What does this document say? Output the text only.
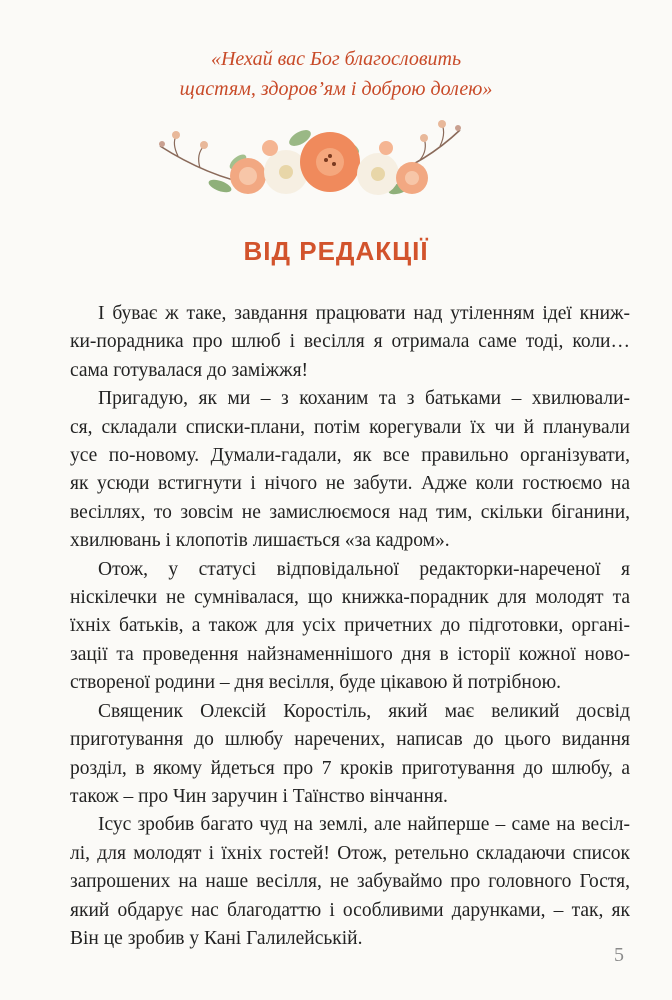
«Нехай вас Бог благословить
щастям, здоров’ям і доброю долею»
ВІД РЕДАКЦІЇ

І буває ж таке, завдання працювати над утіленням ідеї книж-
ки-порадника про шлюб і весілля я отримала саме тоді, коли…
сама готувалася до заміжжя!

Пригадую, як ми – з коханим та з батьками – хвилювали-
ся, складали списки-плани, потім корегували їх чи й планували
усе по-новому. Думали-гадали, як все правильно організувати,
як усюди встигнути і нічого не забути. Адже коли гостюємо на
весіллях, то зовсім не замислюємося над тим, скільки біганини,
хвилювань і клопотів лишається «за кадром».

Отож, у статусі відповідальної редакторки-нареченої я
ніскілечки не сумнівалася, що книжка-порадник для молодят та
їхніх батьків, а також для усіх причетних до підготовки, органі-
зації та проведення найзнаменнішого дня в історії кожної ново-
створеної родини – дня весілля, буде цікавою й потрібною.

Священик Олексій Коростіль, який має великий досвід
приготування до шлюбу наречених, написав до цього видання
розділ, в якому йдеться про 7 кроків приготування до шлюбу, а
також – про Чин заручин і Таїнство вінчання.

Ісус зробив багато чуд на землі, але найперше – саме на весіл-
лі, для молодят і їхніх гостей! Отож, ретельно складаючи список
запрошених на наше весілля, не забуваймо про головного Гостя,
який обдарує нас благодаттю і особливими дарунками, – так, як
Він це зробив у Кані Галилейській.

5
